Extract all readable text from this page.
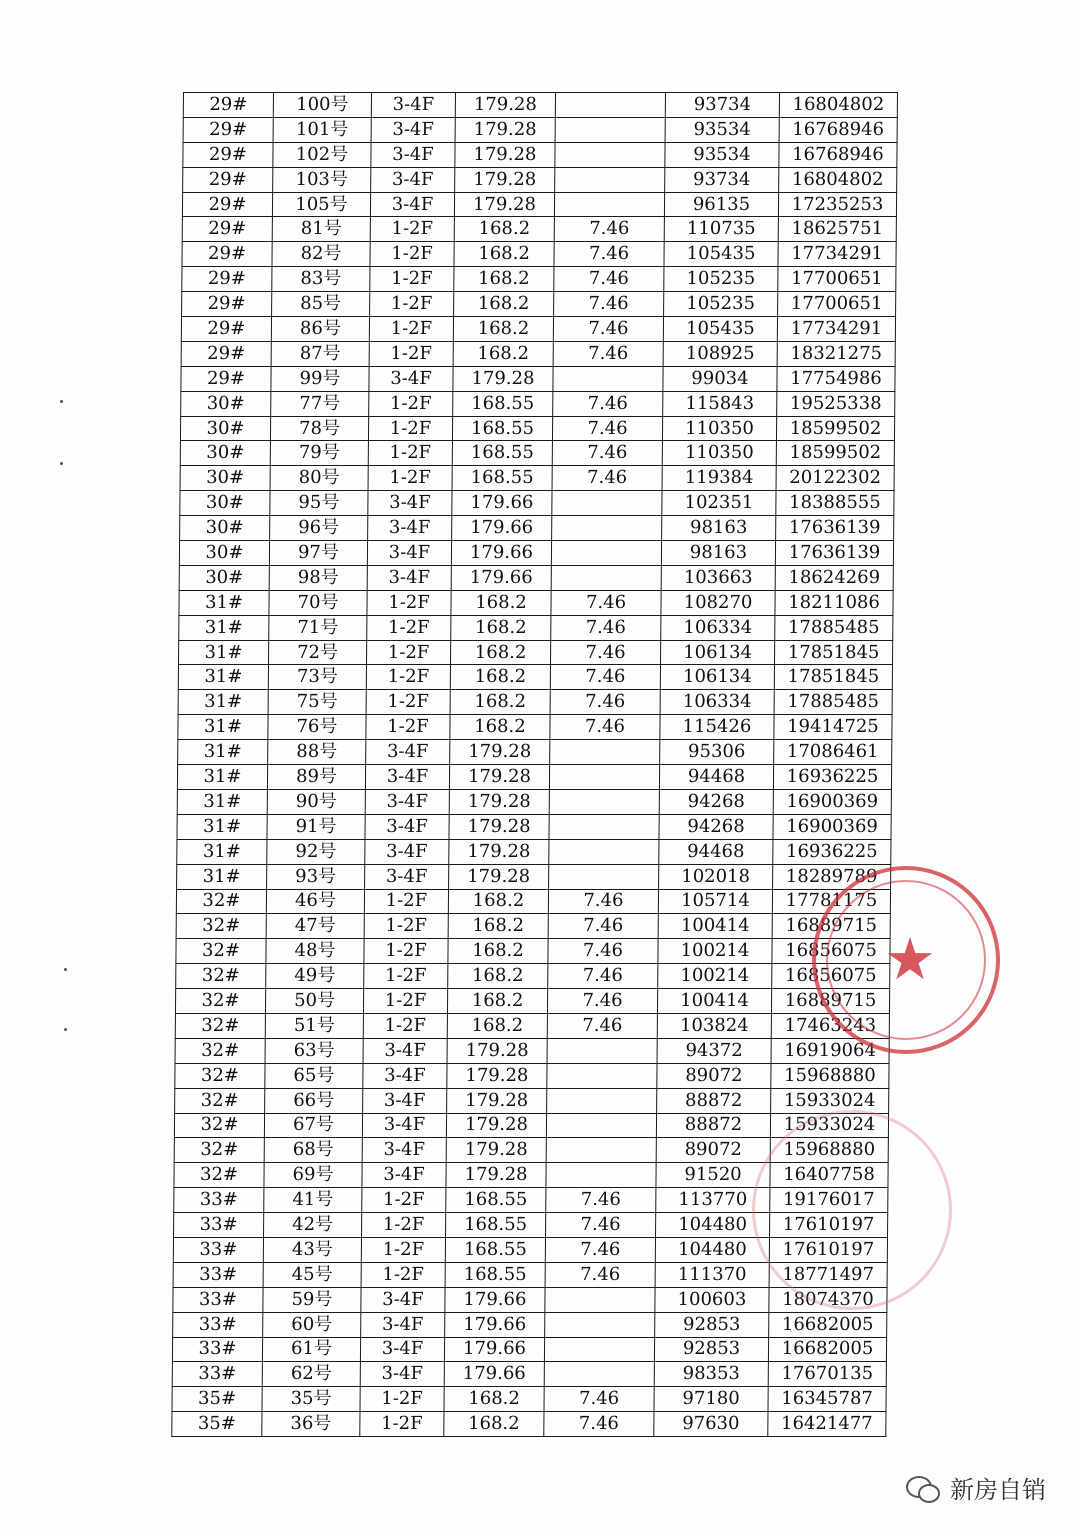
29#	100号	3-4F	179.28		93734	16804802
29#	101号	3-4F	179.28		93534	16768946
29#	102号	3-4F	179.28		93534	16768946
29#	103号	3-4F	179.28		93734	16804802
29#	105号	3-4F	179.28		96135	17235253
29#	81号	1-2F	168.2	7.46	110735	18625751
29#	82号	1-2F	168.2	7.46	105435	17734291
29#	83号	1-2F	168.2	7.46	105235	17700651
29#	85号	1-2F	168.2	7.46	105235	17700651
29#	86号	1-2F	168.2	7.46	105435	17734291
29#	87号	1-2F	168.2	7.46	108925	18321275
29#	99号	3-4F	179.28		99034	17754986
30#	77号	1-2F	168.55	7.46	115843	19525338
30#	78号	1-2F	168.55	7.46	110350	18599502
30#	79号	1-2F	168.55	7.46	110350	18599502
30#	80号	1-2F	168.55	7.46	119384	20122302
30#	95号	3-4F	179.66		102351	18388555
30#	96号	3-4F	179.66		98163	17636139
30#	97号	3-4F	179.66		98163	17636139
30#	98号	3-4F	179.66		103663	18624269
31#	70号	1-2F	168.2	7.46	108270	18211086
31#	71号	1-2F	168.2	7.46	106334	17885485
31#	72号	1-2F	168.2	7.46	106134	17851845
31#	73号	1-2F	168.2	7.46	106134	17851845
31#	75号	1-2F	168.2	7.46	106334	17885485
31#	76号	1-2F	168.2	7.46	115426	19414725
31#	88号	3-4F	179.28		95306	17086461
31#	89号	3-4F	179.28		94468	16936225
31#	90号	3-4F	179.28		94268	16900369
31#	91号	3-4F	179.28		94268	16900369
31#	92号	3-4F	179.28		94468	16936225
31#	93号	3-4F	179.28		102018	18289789
32#	46号	1-2F	168.2	7.46	105714	17781175
32#	47号	1-2F	168.2	7.46	100414	16889715
32#	48号	1-2F	168.2	7.46	100214	16856075
32#	49号	1-2F	168.2	7.46	100214	16856075
32#	50号	1-2F	168.2	7.46	100414	16889715
32#	51号	1-2F	168.2	7.46	103824	17463243
32#	63号	3-4F	179.28		94372	16919064
32#	65号	3-4F	179.28		89072	15968880
32#	66号	3-4F	179.28		88872	15933024
32#	67号	3-4F	179.28		88872	15933024
32#	68号	3-4F	179.28		89072	15968880
32#	69号	3-4F	179.28		91520	16407758
33#	41号	1-2F	168.55	7.46	113770	19176017
33#	42号	1-2F	168.55	7.46	104480	17610197
33#	43号	1-2F	168.55	7.46	104480	17610197
33#	45号	1-2F	168.55	7.46	111370	18771497
33#	59号	3-4F	179.66		100603	18074370
33#	60号	3-4F	179.66		92853	16682005
33#	61号	3-4F	179.66		92853	16682005
33#	62号	3-4F	179.66		98353	17670135
35#	35号	1-2F	168.2	7.46	97180	16345787
35#	36号	1-2F	168.2	7.46	97630	16421477
★
新房自销
